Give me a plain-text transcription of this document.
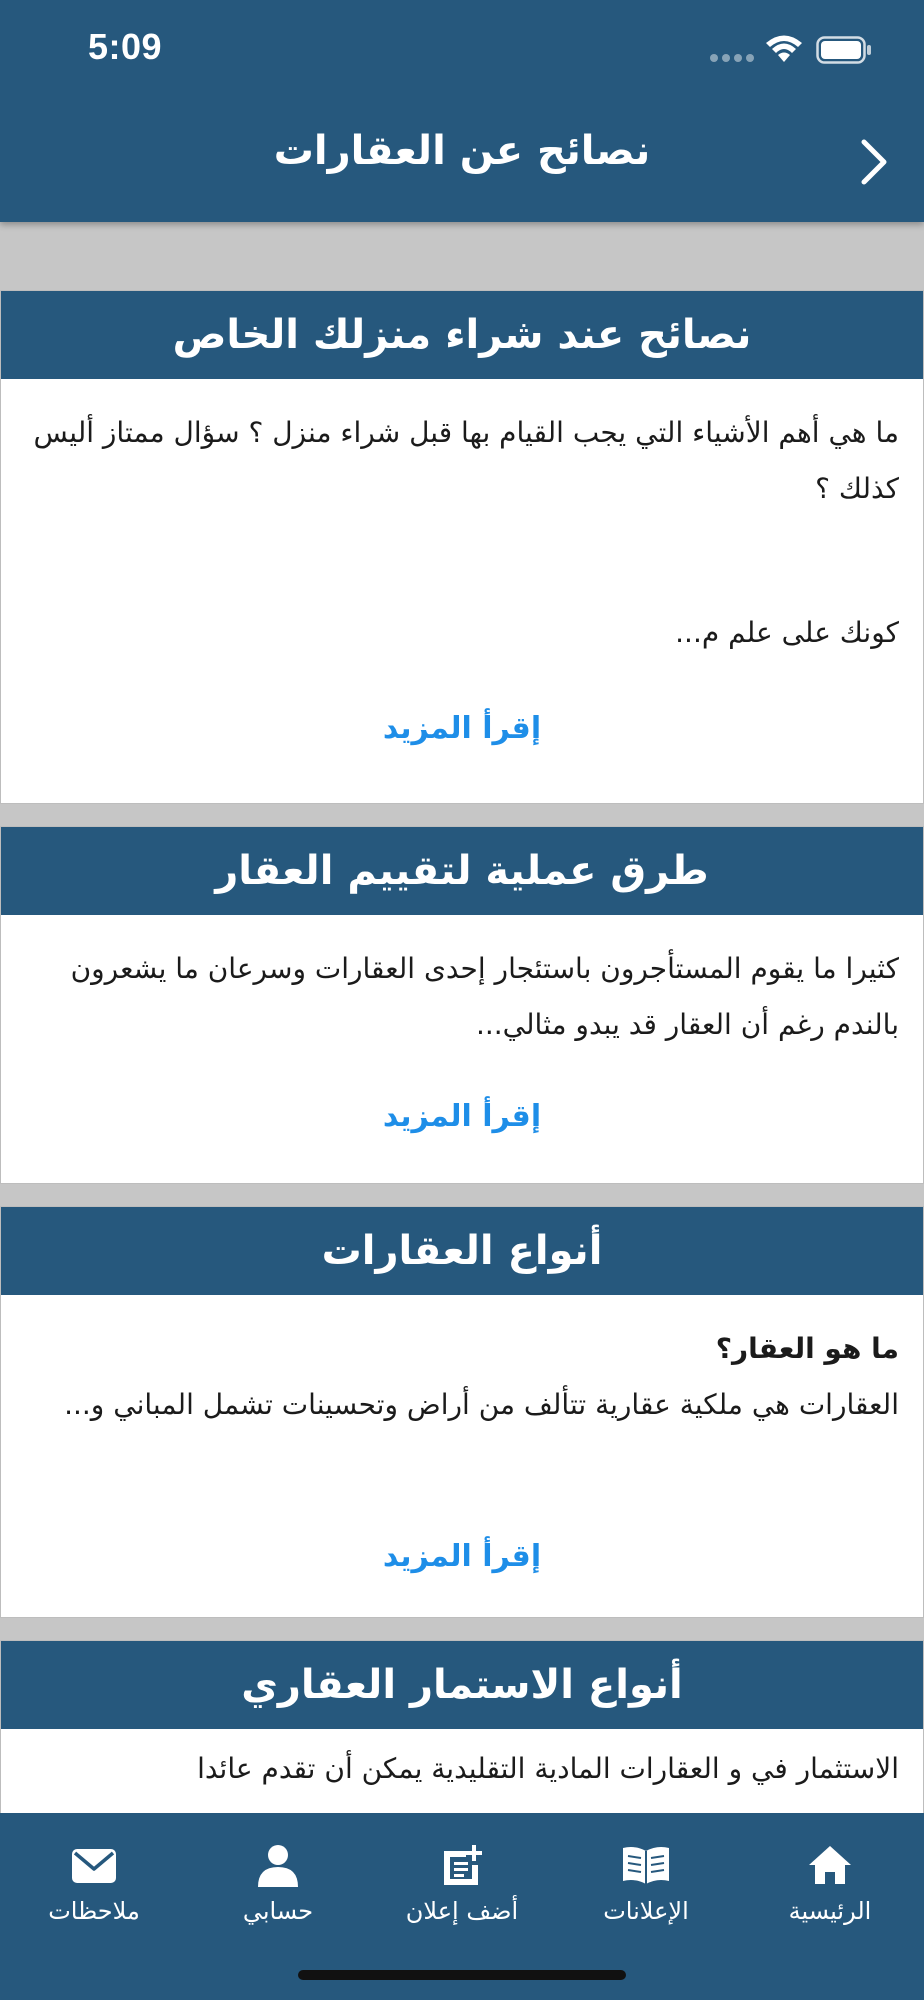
5:09
نصائح عن العقارات
نصائح عند شراء منزلك الخاص

ما هي أهم الأشياء التي يجب القيام بها قبل شراء منزل ؟ سؤال ممتاز أليس كذلك ؟

كونك على علم م...

إقرأ المزيد
طرق عملية لتقييم العقار

كثيرا ما يقوم المستأجرون باستئجار إحدى العقارات وسرعان ما يشعرون بالندم رغم أن العقار قد يبدو مثالي...

إقرأ المزيد
أنواع العقارات

ما هو العقار؟

العقارات هي ملكية عقارية تتألف من أراض وتحسينات تشمل المباني و...

إقرأ المزيد
أنواع الاستمار العقاري

الاستثمار في و العقارات المادية التقليدية يمكن أن تقدم عائدا

الرئيسية
الإعلانات
أضف إعلان
حسابي
ملاحظات
